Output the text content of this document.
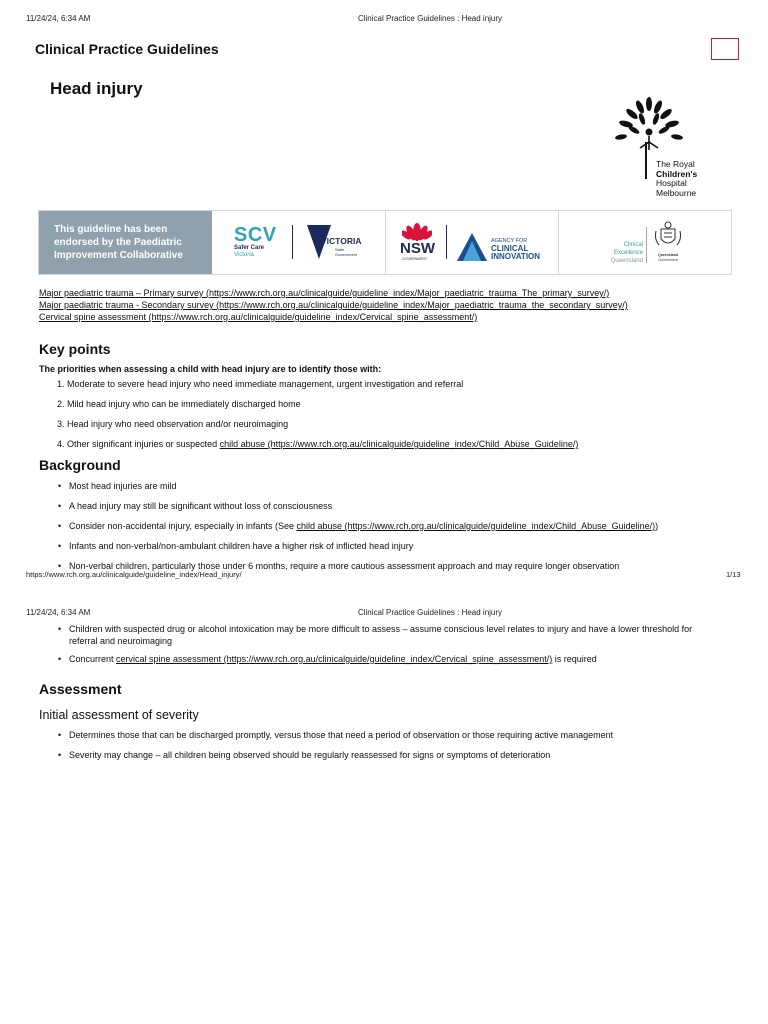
11/24/24, 6:34 AM	Clinical Practice Guidelines : Head injury
Clinical Practice Guidelines
Head injury
The Royal
Children's
Hospital
Melbourne
This guideline has been endorsed by the Paediatric Improvement Collaborative
SCV
Safer Care
Victoria
VICTORIA
State
Government	NSW
GOVERNMENT
AGENCY FOR
CLINICAL
INNOVATION
Clinical
Excellence
Queensland
Queensland
Government
Major paediatric trauma – Primary survey (https://www.rch.org.au/clinicalguide/guideline_index/Major_paediatric_trauma_The_primary_survey/)
Major paediatric trauma - Secondary survey (https://www.rch.org.au/clinicalguide/guideline_index/Major_paediatric_trauma_the_secondary_survey/)
Cervical spine assessment (https://www.rch.org.au/clinicalguide/guideline_index/Cervical_spine_assessment/)
Key points
The priorities when assessing a child with head injury are to identify those with:
1. Moderate to severe head injury who need immediate management, urgent investigation and referral
2. Mild head injury who can be immediately discharged home
3. Head injury who need observation and/or neuroimaging
4. Other significant injuries or suspected child abuse (https://www.rch.org.au/clinicalguide/guideline_index/Child_Abuse_Guideline/)
Background
• Most head injuries are mild
• A head injury may still be significant without loss of consciousness
• Consider non-accidental injury, especially in infants (See child abuse (https://www.rch.org.au/clinicalguide/guideline_index/Child_Abuse_Guideline/))
• Infants and non-verbal/non-ambulant children have a higher risk of inflicted head injury
• Non-verbal children, particularly those under 6 months, require a more cautious assessment approach and may require longer observation
https://www.rch.org.au/clinicalguide/guideline_index/Head_injury/	1/13
11/24/24, 6:34 AM	Clinical Practice Guidelines : Head injury
• Children with suspected drug or alcohol intoxication may be more difficult to assess – assume conscious level relates to injury and have a lower threshold for
referral and neuroimaging
• Concurrent cervical spine assessment (https://www.rch.org.au/clinicalguide/guideline_index/Cervical_spine_assessment/) is required
Assessment
Initial assessment of severity
• Determines those that can be discharged promptly, versus those that need a period of observation or those requiring active management
• Severity may change – all children being observed should be regularly reassessed for signs or symptoms of deterioration
